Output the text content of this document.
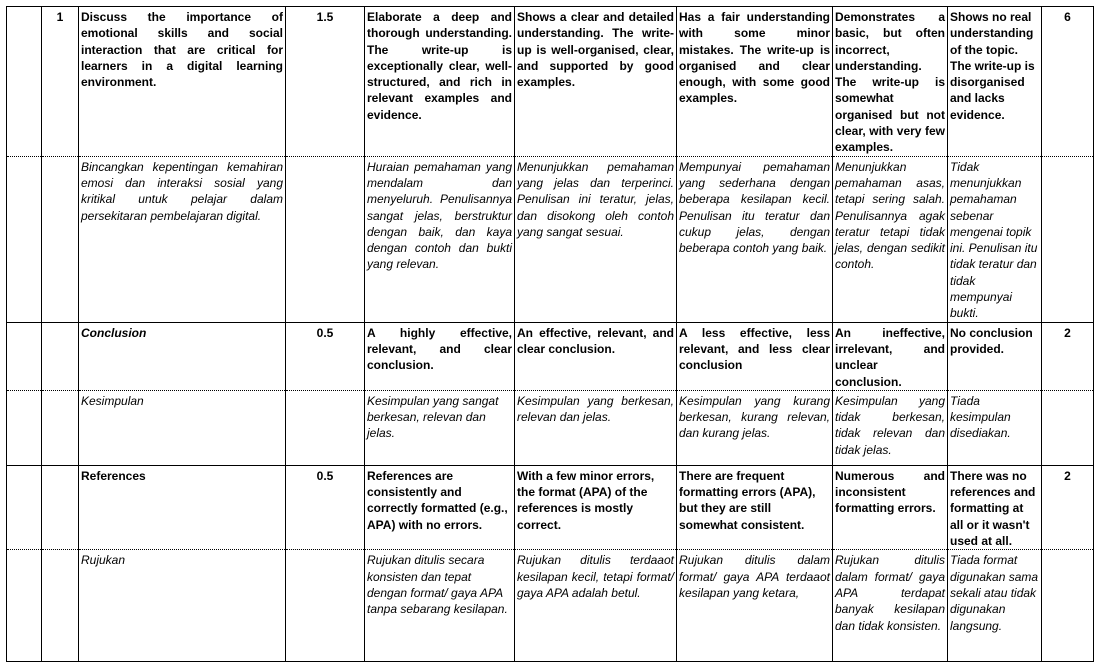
	1	Discuss the importance of emotional skills and social interaction that are critical for learners in a digital learning environment.	1.5	Elaborate a deep and thorough understanding. The write-up is exceptionally clear, well-structured, and rich in relevant examples and evidence.	Shows a clear and detailed understanding. The write-up is well-organised, clear, and supported by good examples.	Has a fair understanding with some minor mistakes. The write-up is organised and clear enough, with some good examples.	Demonstrates a basic, but often incorrect, understanding. The write-up is somewhat organised but not clear, with very few examples.	Shows no real understanding of the topic. The write-up is disorganised and lacks evidence.	6
		Bincangkan kepentingan kemahiran emosi dan interaksi sosial yang kritikal untuk pelajar dalam persekitaran pembelajaran digital.		Huraian pemahaman yang mendalam dan menyeluruh. Penulisannya sangat jelas, berstruktur dengan baik, dan kaya dengan contoh dan bukti yang relevan.	Menunjukkan pemahaman yang jelas dan terperinci. Penulisan ini teratur, jelas, dan disokong oleh contoh yang sangat sesuai.	Mempunyai pemahaman yang sederhana dengan beberapa kesilapan kecil. Penulisan itu teratur dan cukup jelas, dengan beberapa contoh yang baik.	Menunjukkan pemahaman asas, tetapi sering salah. Penulisannya agak teratur tetapi tidak jelas, dengan sedikit contoh.	Tidak menunjukkan pemahaman sebenar mengenai topik ini. Penulisan itu tidak teratur dan tidak mempunyai bukti.	
		Conclusion	0.5	A highly effective, relevant, and clear conclusion.	An effective, relevant, and clear conclusion.	A less effective, less relevant, and less clear conclusion	An ineffective, irrelevant, and unclear conclusion.	No conclusion provided.	2
		Kesimpulan		Kesimpulan yang sangat berkesan, relevan dan jelas.	Kesimpulan yang berkesan, relevan dan jelas.	Kesimpulan yang kurang berkesan, kurang relevan, dan kurang jelas.	Kesimpulan yang tidak berkesan, tidak relevan dan tidak jelas.	Tiada kesimpulan disediakan.	
		References	0.5	References are consistently and correctly formatted (e.g., APA) with no errors.	With a few minor errors, the format (APA) of the references is mostly correct.	There are frequent formatting errors (APA), but they are still somewhat consistent.	Numerous and inconsistent formatting errors.	There was no references and formatting at all or it wasn't used at all.	2
		Rujukan		Rujukan ditulis secara konsisten dan tepat dengan format/ gaya APA tanpa sebarang kesilapan.	Rujukan ditulis terdaaot kesilapan kecil, tetapi format/ gaya APA adalah betul.	Rujukan ditulis dalam format/ gaya APA terdaaot kesilapan yang ketara,	Rujukan ditulis dalam format/ gaya APA terdapat banyak kesilapan dan tidak konsisten.	Tiada format digunakan sama sekali atau tidak digunakan langsung.	
